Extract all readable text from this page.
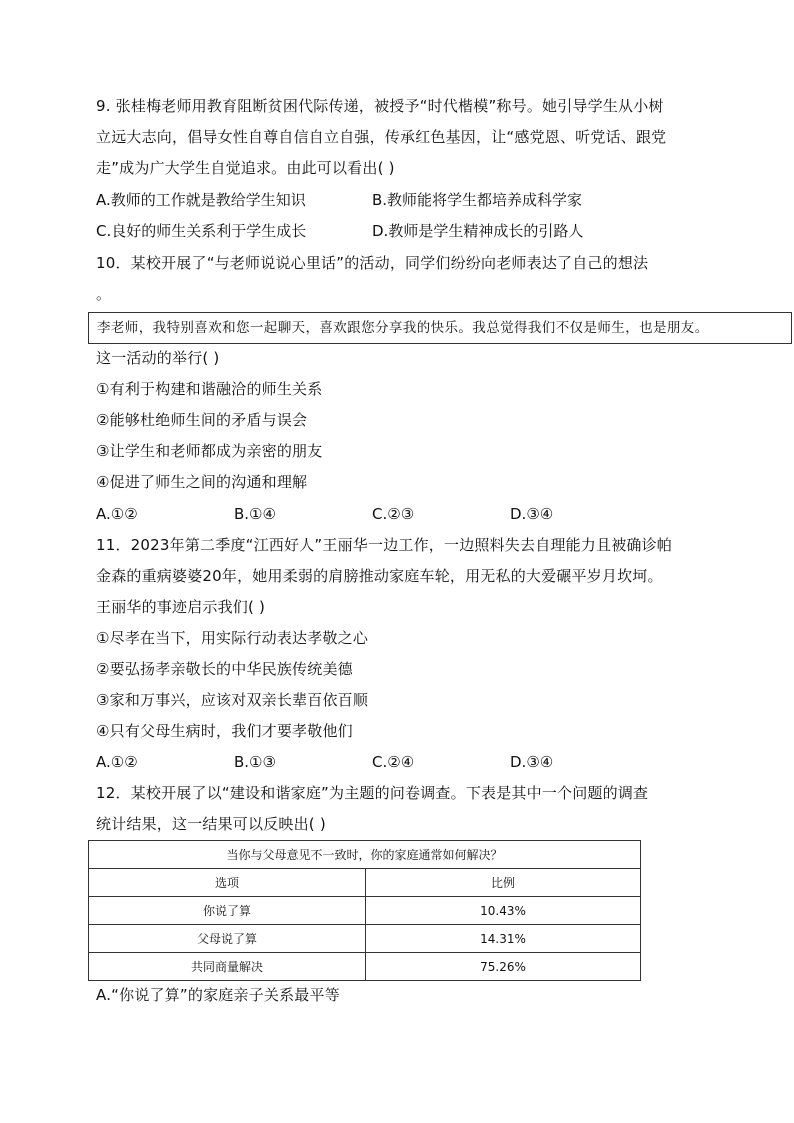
9. 张桂梅老师用教育阻断贫困代际传递，被授予“时代楷模”称号。她引导学生从小树
立远大志向，倡导女性自尊自信自立自强，传承红色基因，让“感党恩、听党话、跟党
走”成为广大学生自觉追求。由此可以看出( )
A.教师的工作就是教给学生知识	B.教师能将学生都培养成科学家
C.良好的师生关系利于学生成长	D.教师是学生精神成长的引路人
10．某校开展了“与老师说说心里话”的活动，同学们纷纷向老师表达了自己的想法
。
李老师，我特别喜欢和您一起聊天，喜欢跟您分享我的快乐。我总觉得我们不仅是师生，也是朋友。
这一活动的举行( )
①有利于构建和谐融洽的师生关系
②能够杜绝师生间的矛盾与误会
③让学生和老师都成为亲密的朋友
④促进了师生之间的沟通和理解
A.①②	B.①④	C.②③	D.③④
11．2023年第二季度“江西好人”王丽华一边工作，一边照料失去自理能力且被确诊帕
金森的重病婆婆20年，她用柔弱的肩膀推动家庭车轮，用无私的大爱碾平岁月坎坷。
王丽华的事迹启示我们( )
①尽孝在当下，用实际行动表达孝敬之心
②要弘扬孝亲敬长的中华民族传统美德
③家和万事兴，应该对双亲长辈百依百顺
④只有父母生病时，我们才要孝敬他们
A.①②	B.①③	C.②④	D.③④
12．某校开展了以“建设和谐家庭”为主题的问卷调查。下表是其中一个问题的调查
统计结果，这一结果可以反映出( )
当你与父母意见不一致时，你的家庭通常如何解决？	
选项	比例
你说了算	10.43%
父母说了算	14.31%
共同商量解决	75.26%
A.“你说了算”的家庭亲子关系最平等
